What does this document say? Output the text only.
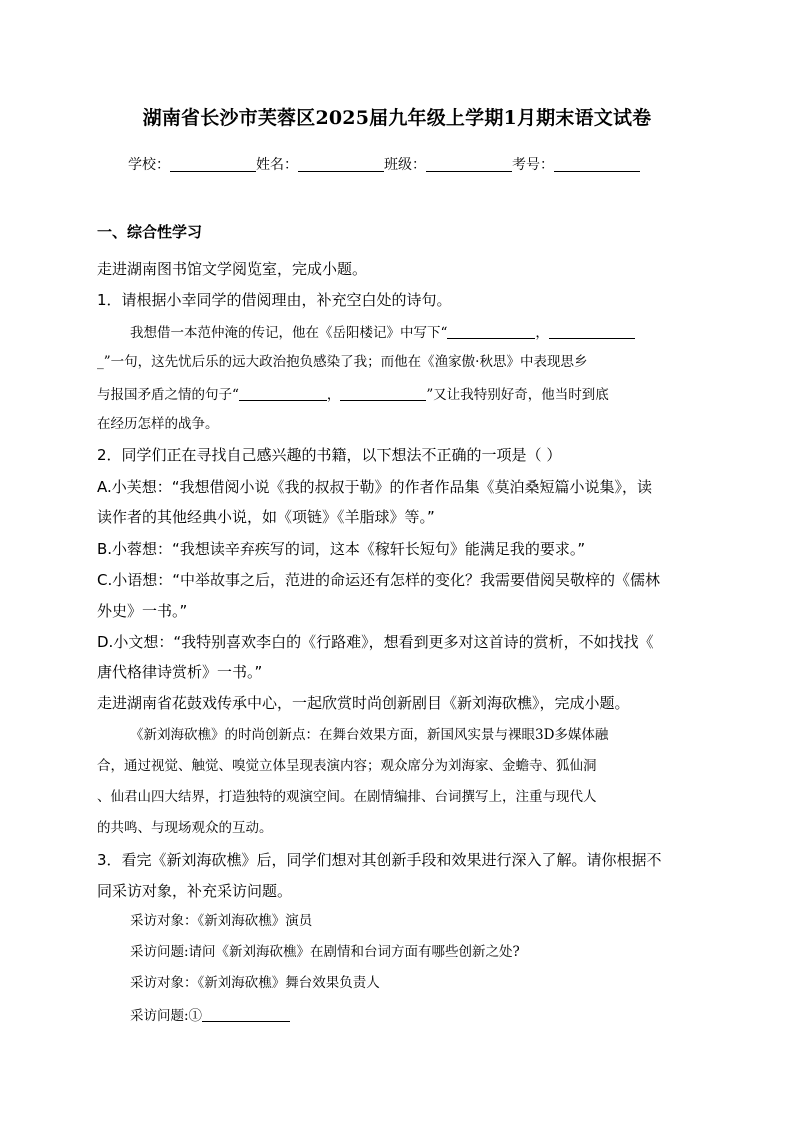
湖南省长沙市芙蓉区2025届九年级上学期1月期末语文试卷
学校：	姓名：	班级：	考号：
一、综合性学习
走进湖南图书馆文学阅览室，完成小题。
1．请根据小幸同学的借阅理由，补充空白处的诗句。
我想借一本范仲淹的传记，他在《岳阳楼记》中写下“	，
_”一句，这先忧后乐的远大政治抱负感染了我；而他在《渔家傲·秋思》中表现思乡
与报国矛盾之情的句子“	，	”又让我特别好奇，他当时到底
在经历怎样的战争。
2．同学们正在寻找自己感兴趣的书籍，以下想法不正确的一项是（ ）
A.小芙想：“我想借阅小说《我的叔叔于勒》的作者作品集《莫泊桑短篇小说集》，读
读作者的其他经典小说，如《项链》《羊脂球》等。”
B.小蓉想：“我想读辛弃疾写的词，这本《稼轩长短句》能满足我的要求。”
C.小语想：“中举故事之后，范进的命运还有怎样的变化？我需要借阅吴敬梓的《儒林
外史》一书。”
D.小文想：“我特别喜欢李白的《行路难》，想看到更多对这首诗的赏析，不如找找《
唐代格律诗赏析》一书。”
走进湖南省花鼓戏传承中心，一起欣赏时尚创新剧目《新刘海砍樵》，完成小题。
《新刘海砍樵》的时尚创新点：在舞台效果方面，新国风实景与裸眼3D多媒体融
合，通过视觉、触觉、嗅觉立体呈现表演内容；观众席分为刘海家、金蟾寺、狐仙洞
、仙君山四大结界，打造独特的观演空间。在剧情编排、台词撰写上，注重与现代人
的共鸣、与现场观众的互动。
3．看完《新刘海砍樵》后，同学们想对其创新手段和效果进行深入了解。请你根据不
同采访对象，补充采访问题。
采访对象：《新刘海砍樵》演员
采访问题:请问《新刘海砍樵》在剧情和台词方面有哪些创新之处?
采访对象：《新刘海砍樵》舞台效果负责人
采访问题:①
